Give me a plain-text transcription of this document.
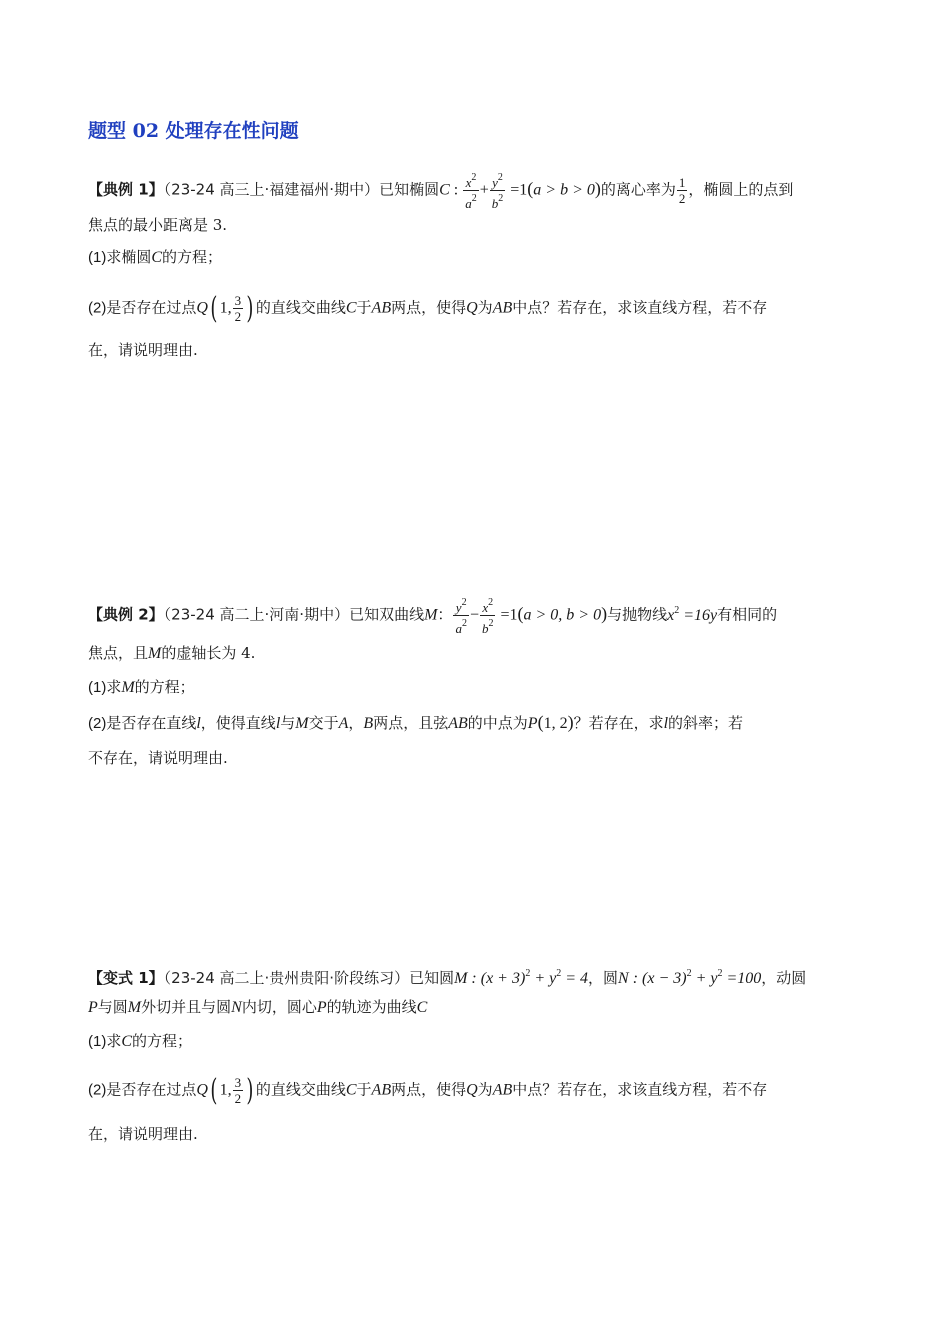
题型 02 处理存在性问题
【典例 1】（23-24 高三上·福建福州·期中）已知椭圆C : $\frac{x^2}{a^2} + \frac{y^2}{b^2} =1(a > b > 0)$的离心率为 $\frac{1}{2}$ ，椭圆上的点到
焦点的最小距离是 3.
(1)求椭圆C的方程；
(2)是否存在过点Q( 1, $\frac{3}{2}$ ) 的直线交曲线C于AB两点，使得Q为AB中点？若存在，求该直线方程，若不存
在，请说明理由.
【典例 2】（23-24 高二上·河南·期中）已知双曲线M： $\frac{y^2}{a^2} - \frac{x^2}{b^2} =1(a > 0$, b > 0)与抛物线$x^2 =16y$有相同的
焦点，且M的虚轴长为 4.
(1)求M的方程；
(2)是否存在直线l，使得直线l与M交于A，B两点，且弦AB的中点为P(1, 2)？若存在，求l的斜率；若
不存在，请说明理由.
【变式 1】（23-24 高二上·贵州贵阳·阶段练习）已知圆M : $(x + 3)^2 + y^2 = 4$，圆N : $(x - 3)^2 + y^2 =100$，动圆
P与圆M外切并且与圆N内切，圆心P的轨迹为曲线C
(1)求C的方程；
(2)是否存在过点Q( 1, $\frac{3}{2}$ ) 的直线交曲线C于AB两点，使得Q为AB中点？若存在，求该直线方程，若不存
在，请说明理由.
